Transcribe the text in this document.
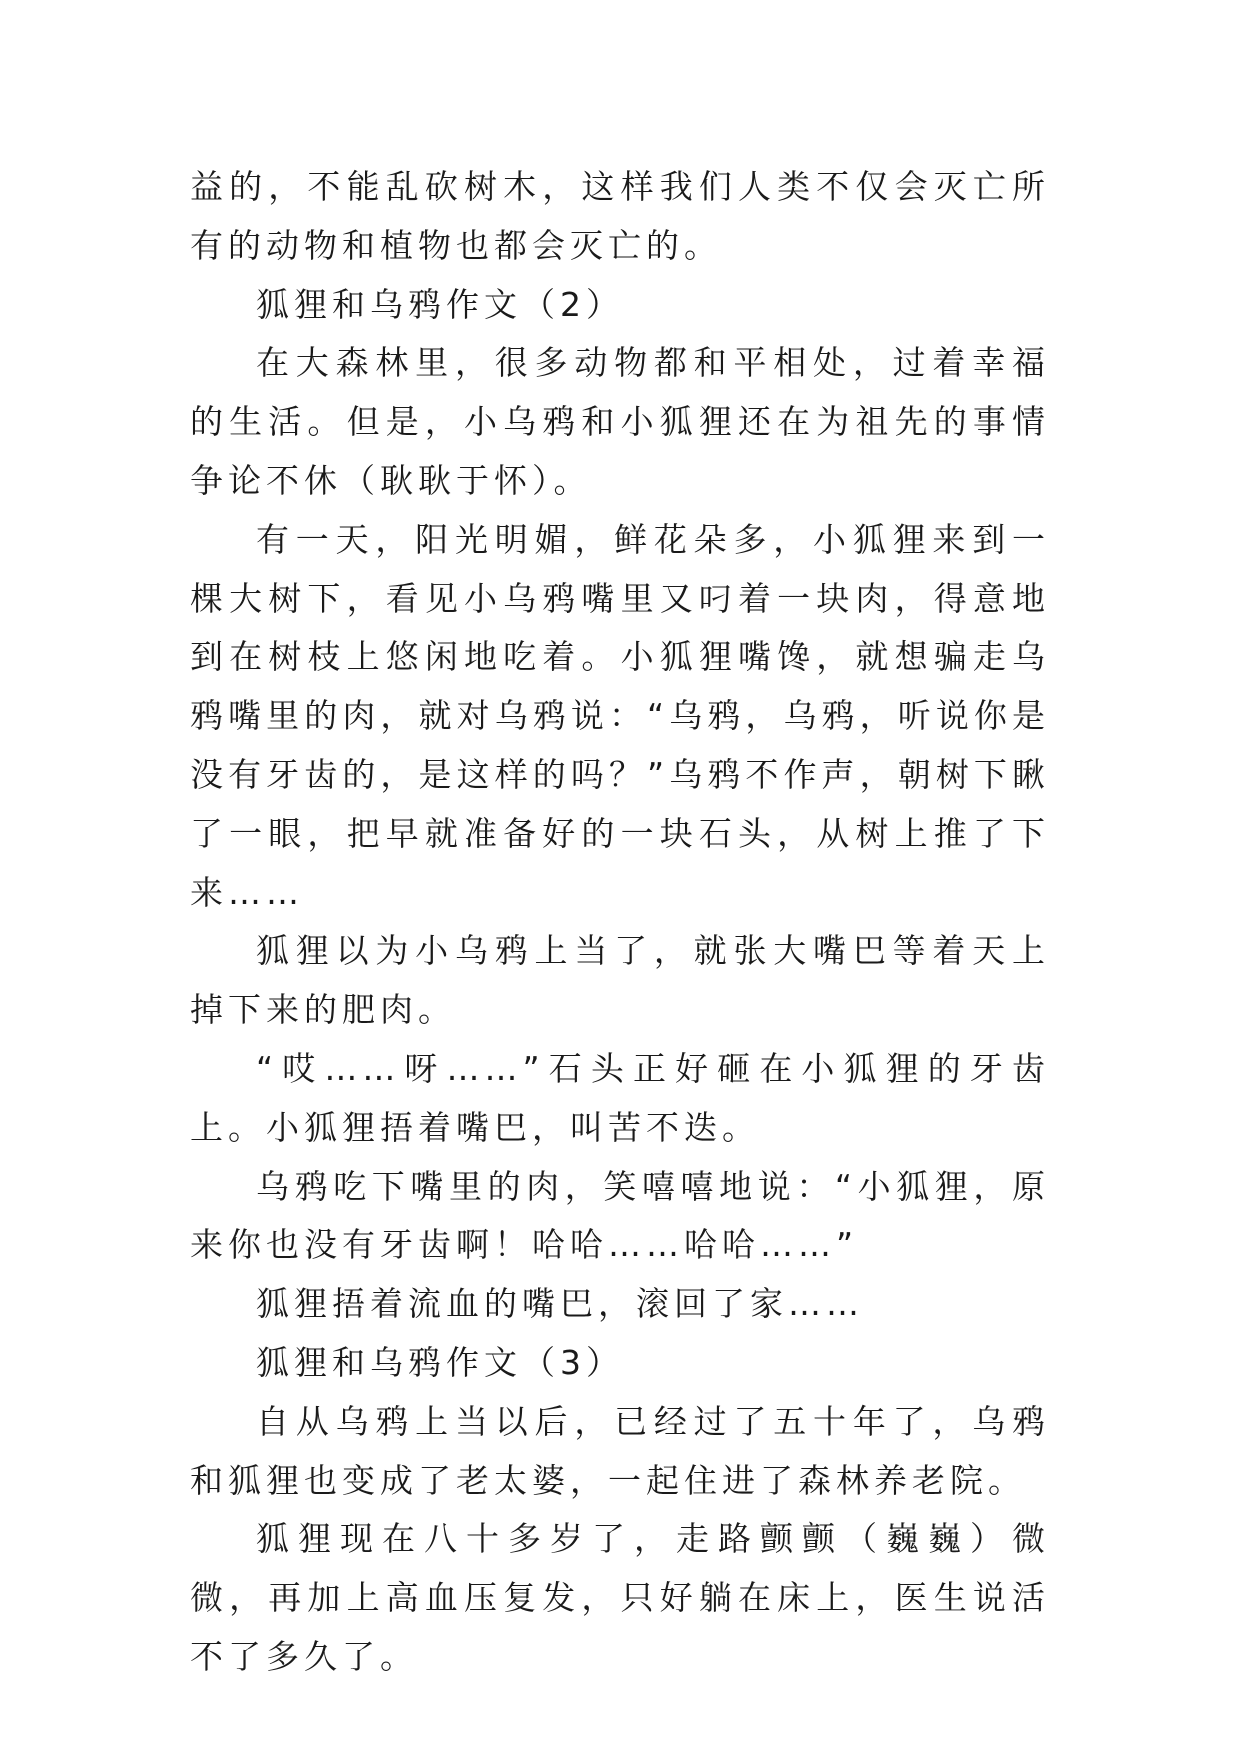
益的，不能乱砍树木，这样我们人类不仅会灭亡所有的动物和植物也都会灭亡的。

狐狸和乌鸦作文（2）

在大森林里，很多动物都和平相处，过着幸福的生活。但是，小乌鸦和小狐狸还在为祖先的事情争论不休（耿耿于怀）。

有一天，阳光明媚，鲜花朵多，小狐狸来到一棵大树下，看见小乌鸦嘴里又叼着一块肉，得意地到在树枝上悠闲地吃着。小狐狸嘴馋，就想骗走乌鸦嘴里的肉，就对乌鸦说：“乌鸦，乌鸦，听说你是没有牙齿的，是这样的吗？”乌鸦不作声，朝树下瞅了一眼，把早就准备好的一块石头，从树上推了下来……

狐狸以为小乌鸦上当了，就张大嘴巴等着天上掉下来的肥肉。

“哎……呀……”石头正好砸在小狐狸的牙齿上。小狐狸捂着嘴巴，叫苦不迭。

乌鸦吃下嘴里的肉，笑嘻嘻地说：“小狐狸，原来你也没有牙齿啊！哈哈……哈哈……”

狐狸捂着流血的嘴巴，滚回了家……

狐狸和乌鸦作文（3）

自从乌鸦上当以后，已经过了五十年了，乌鸦和狐狸也变成了老太婆，一起住进了森林养老院。

狐狸现在八十多岁了，走路颤颤（巍巍）微微，再加上高血压复发，只好躺在床上，医生说活不了多久了。
